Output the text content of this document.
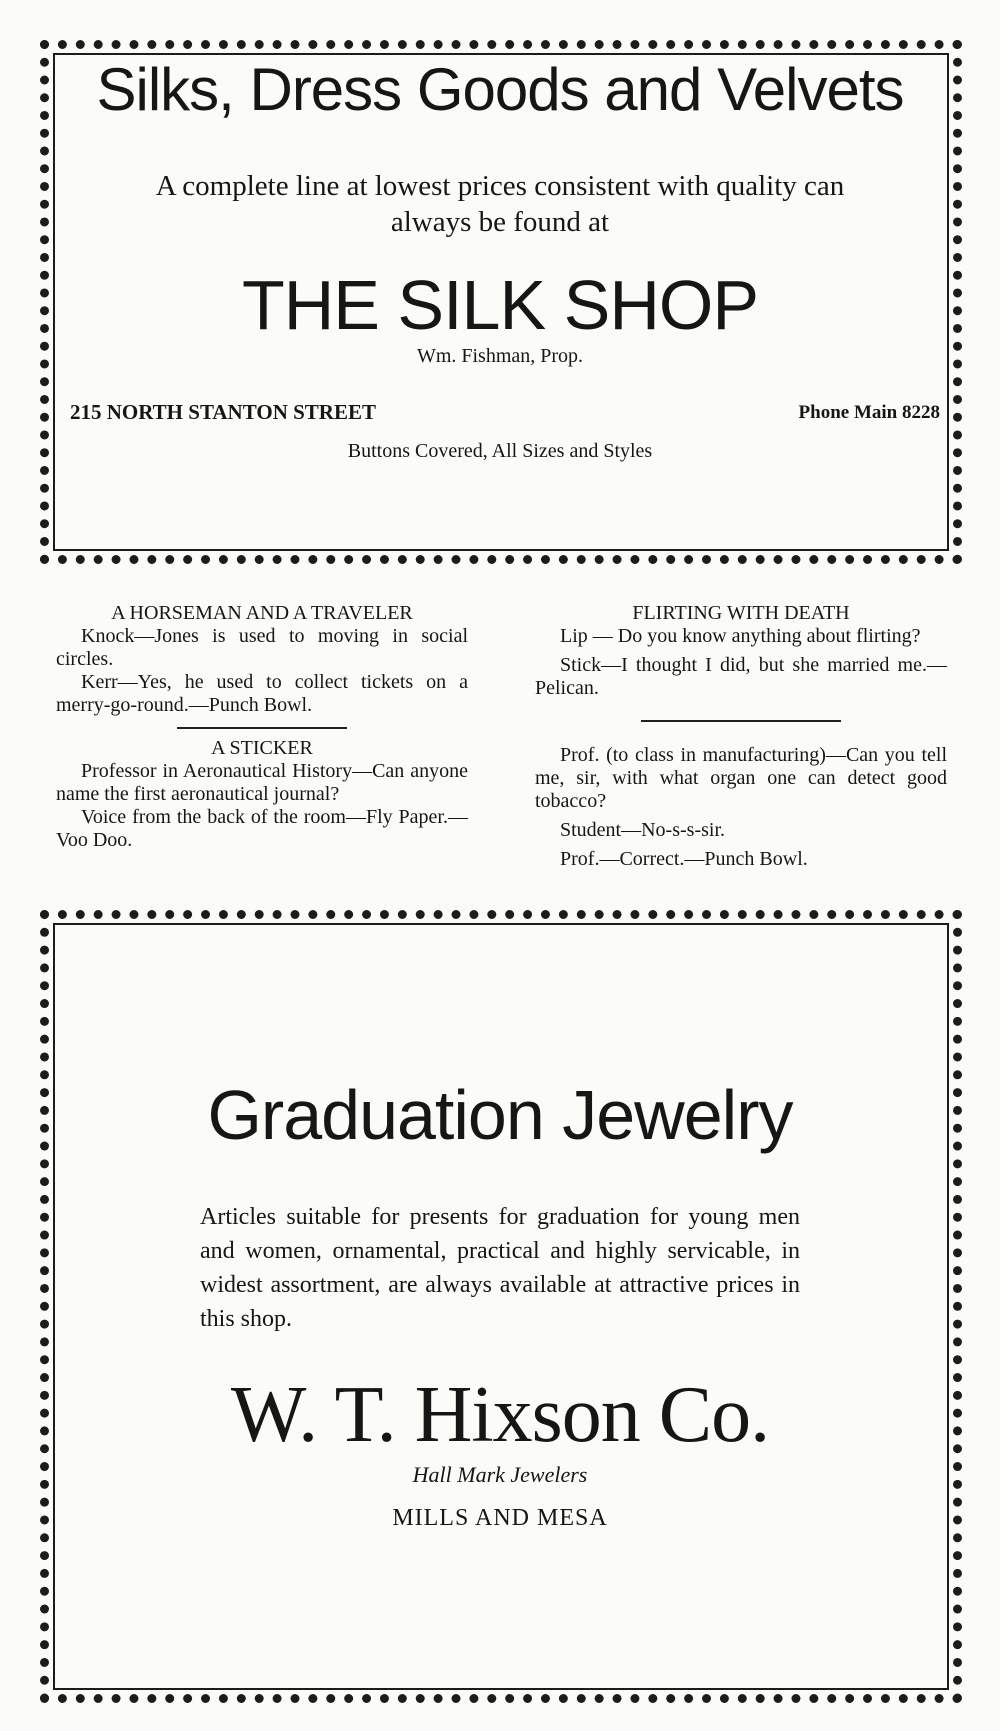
Silks, Dress Goods and Velvets
A complete line at lowest prices consistent with quality can always be found at
THE SILK SHOP
Wm. Fishman, Prop.
215 NORTH STANTON STREET	Phone Main 8228
Buttons Covered, All Sizes and Styles
A HORSEMAN AND A TRAVELER

Knock—Jones is used to moving in social circles.

Kerr—Yes, he used to collect tickets on a merry-go-round.—Punch Bowl.

A STICKER

Professor in Aeronautical History—Can anyone name the first aeronautical journal?

Voice from the back of the room—Fly Paper.—Voo Doo.

FLIRTING WITH DEATH

Lip — Do you know anything about flirting?

Stick—I thought I did, but she married me.—Pelican.

Prof. (to class in manufacturing)—Can you tell me, sir, with what organ one can detect good tobacco?

Student—No-s-s-sir.

Prof.—Correct.—Punch Bowl.

Graduation Jewelry
Articles suitable for presents for graduation for young men and women, ornamental, practical and highly servicable, in widest assortment, are always available at attractive prices in this shop.
W. T. Hixson Co.
Hall Mark Jewelers
MILLS AND MESA
